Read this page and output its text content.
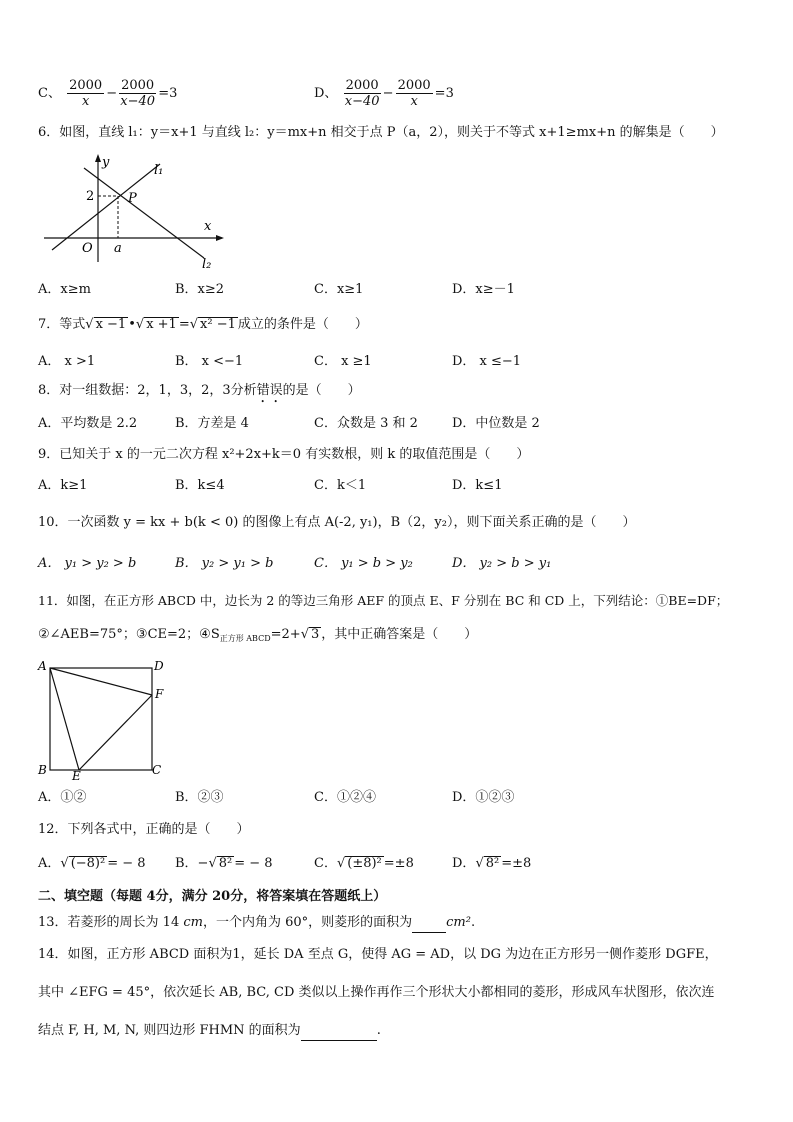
C、 $\frac{2000}{x} - \frac{2000}{x-40} =3$	D、 $\frac{2000}{x-40} - \frac{2000}{x} =3$
6．如图，直线 l₁：y＝x+1 与直线 l₂：y＝mx+n 相交于点 P（a，2），则关于不等式 x+1≥mx+n 的解集是（　　）
y
l₁
2	P
x
O a
l₂
A．x≥m	B．x≥2	C．x≥1	D．x≥－1
7．等式√ x −1 •√ x +1 =√ x² −1 成立的条件是（　　）
A． x >1	B． x <−1	C． x ≥1	D． x ≤−1
8．对一组数据：2，1，3，2，3分析错误的是（　　）
A．平均数是 2.2	B．方差是 4	C．众数是 3 和 2	D．中位数是 2
9．已知关于 x 的一元二次方程 x²+2x+k＝0 有实数根，则 k 的取值范围是（　　）
A．k≥1	B．k≤4	C．k＜1	D．k≤1
10．一次函数 y = kx + b(k < 0) 的图像上有点 A(-2, y₁)，B（2，y₂），则下面关系正确的是（　　）
A． y₁ > y₂ > b	B． y₂ > y₁ > b	C． y₁ > b > y₂	D． y₂ > b > y₁
11．如图，在正方形 ABCD 中，边长为 2 的等边三角形 AEF 的顶点 E、F 分别在 BC 和 CD 上，下列结论：①BE=DF；
②∠AEB=75°；③CE=2；$④S_{正方形 ABCD}=2+√$ 3 ，其中正确答案是（　　）
A	D
F
B E	C
A．①②	B．②③	C．①②④	D．①②③
12．下列各式中，正确的是（　　）
A．√ (−8)² = − 8 B．−√ 8² = − 8	C．√ (±8)² =±8	D．√ 8² =±8
二、填空题（每题 4分，满分 20分，将答案填在答题纸上）
13．若菱形的周长为 14 cm，一个内角为 60°，则菱形的面积为	cm².
14．如图，正方形 ABCD 面积为1，延长 DA 至点 G，使得 AG = AD，以 DG 为边在正方形另一侧作菱形 DGFE，
其中 ∠EFG = 45°，依次延长 AB, BC, CD 类似以上操作再作三个形状大小都相同的菱形，形成风车状图形，依次连
结点 F, H, M, N, 则四边形 FHMN 的面积为	.
